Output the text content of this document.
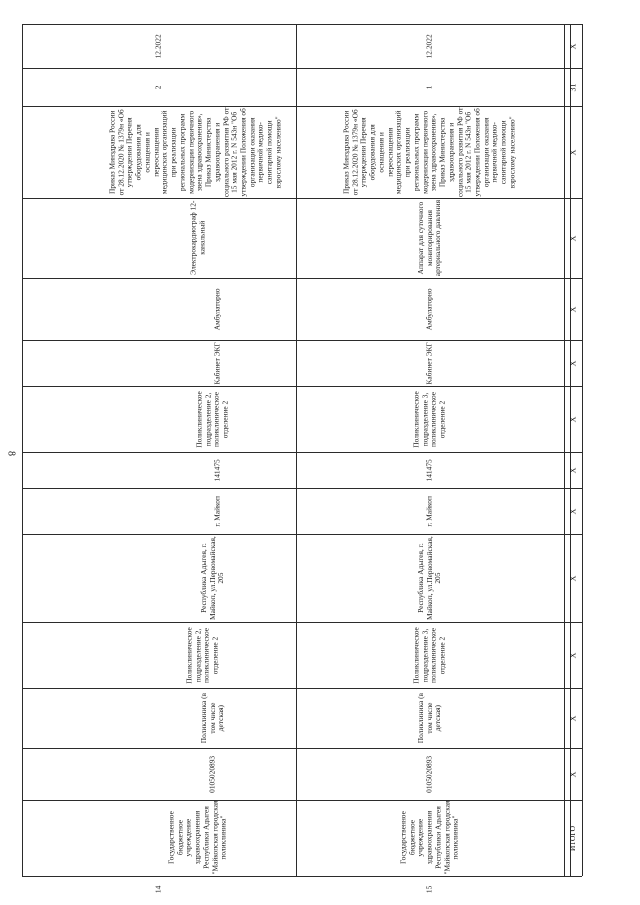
8
12.2022
2
Приказ Минздрава России от 28.12.2020 № 1379н «Об утверждении Перечня оборудования для оснащения и переоснащения медицинских организаций при реализации региональных программ модернизации первичного звена здравоохранения», Приказ Министерства здравоохранения и социального развития РФ от 15 мая 2012 г. N 543н "Об утверждении Положения об организации оказания первичной медико-санитарной помощи взрослому населению"
Электрокардиограф 12-канальный
Амбулаторно
Кабинет ЭКГ
Поликлиническое подразделение 2, поликлиническое отделение 2
141475
г. Майкоп
Республика Адыгея, г. Майкоп, ул.Первомайская, 205
Поликлиническое подразделение 2, поликлиническое отделение 2
Поликлиника (в том числе детская)
0105020893
Государственное бюджетное учреждение здравоохранения Республики Адыгея "Майкопская городская поликлиника"
14
12.2022
1
Приказ Минздрава России от 28.12.2020 № 1379н «Об утверждении Перечня оборудования для оснащения и переоснащения медицинских организаций при реализации региональных программ модернизации первичного звена здравоохранения», Приказ Министерства здравоохранения и социального развития РФ от 15 мая 2012 г. N 543н "Об утверждении Положения об организации оказания первичной медико-санитарной помощи взрослому населению"
Аппарат для суточного мониторирования артериального давления
Амбулаторно
Кабинет ЭКГ
Поликлиническое подразделение 3, поликлиническое отделение 2
141475
г. Майкоп
Республика Адыгея, г. Майкоп, ул.Первомайская, 205
Поликлиническое подразделение 3, поликлиническое отделение 2
Поликлиника (в том числе детская)
0105020893
Государственное бюджетное учреждение здравоохранения Республики Адыгея "Майкопская городская поликлиника"
15
X
31
X
X
X
X
X
X
X
X
X
X
X
ИТОГО
